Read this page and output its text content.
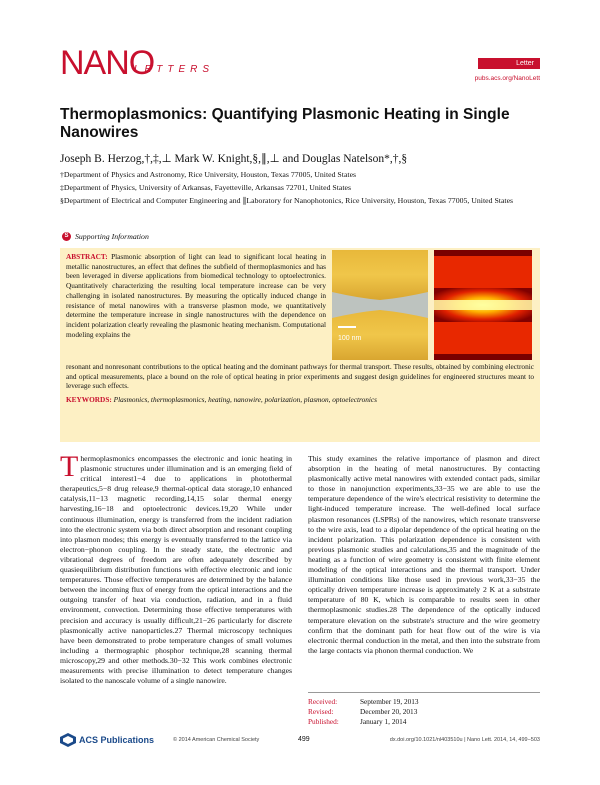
NANO
LETTERS
Letter
pubs.acs.org/NanoLett
Thermoplasmonics: Quantifying Plasmonic Heating in Single Nanowires
Joseph B. Herzog,†,‡,⊥ Mark W. Knight,§,∥,⊥ and Douglas Natelson*,†,§

†Department of Physics and Astronomy, Rice University, Houston, Texas 77005, United States

‡Department of Physics, University of Arkansas, Fayetteville, Arkansas 72701, United States

§Department of Electrical and Computer Engineering and ∥Laboratory for Nanophotonics, Rice University, Houston, Texas 77005, United States

S Supporting Information
ABSTRACT: Plasmonic absorption of light can lead to significant local heating in metallic nanostructures, an effect that defines the subfield of thermoplasmonics and has been leveraged in diverse applications from biomedical technology to optoelectronics. Quantitatively characterizing the resulting local temperature increase can be very challenging in isolated nanostructures. By measuring the optically induced change in resistance of metal nanowires with a transverse plasmon mode, we quantitatively determine the temperature increase in single nanostructures with the dependence on incident polarization clearly revealing the plasmonic heating mechanism. Computational modeling explains the	100 nm
resonant and nonresonant contributions to the optical heating and the dominant pathways for thermal transport. These results, obtained by combining electronic and optical measurements, place a bound on the role of optical heating in prior experiments and suggest design guidelines for engineered structures meant to leverage such effects.
KEYWORDS: Plasmonics, thermoplasmonics, heating, nanowire, polarization, plasmon, optoelectronics
T hermoplasmonics encompasses the electronic and ionic heating in plasmonic structures under illumination and is an emerging field of critical interest1−4 due to applications in photothermal therapeutics,5−8 drug release,9 thermal-optical data storage,10 enhanced catalysis,11−13 magnetic recording,14,15 solar thermal energy harvesting,16−18 and optoelectronic devices.19,20 While under continuous illumination, energy is transferred from the incident radiation into the electronic system via both direct absorption and resonant coupling into plasmon modes; this energy is eventually transferred to the lattice via electron−phonon coupling. In the steady state, the electronic and vibrational degrees of freedom are often adequately described by quasiequilibrium distribution functions with effective electronic and ionic temperatures. Those effective temperatures are determined by the balance between the incoming flux of energy from the optical interactions and the outgoing transfer of heat via conduction, radiation, and in a fluid environment, convection. Determining those effective temperatures with precision and accuracy is usually difficult,21−26 particularly for discrete plasmonically active nanoparticles.27 Thermal microscopy techniques have been demonstrated to probe temperature changes of small volumes including a thermographic phosphor technique,28 scanning thermal microscopy,29 and other methods.30−32 This work combines electronic measurements with precise illumination to detect temperature changes isolated to the nanoscale volume of a single nanowire.
This study examines the relative importance of plasmon and direct absorption in the heating of metal nanostructures. By contacting plasmonically active metal nanowires with extended contact pads, similar to those in nanojunction experiments,33−35 we are able to use the temperature dependence of the wire's electrical resistivity to determine the light-induced temperature increase. The well-defined local surface plasmon resonances (LSPRs) of the nanowires, which resonate transverse to the wire axis, lead to a dipolar dependence of the optical heating on the incident polarization. This polarization dependence is consistent with previous plasmonic studies and calculations,35 and the magnitude of the heating as a function of wire geometry is consistent with finite element modeling of the optical interactions and the thermal transport. Under illumination conditions like those used in previous work,33−35 the optically driven temperature increase is approximately 2 K at a substrate temperature of 80 K, which is comparable to results seen in other thermoplasmonic studies.28 The dependence of the optically induced temperature elevation on the substrate's structure and the wire geometry confirm that the dominant path for heat flow out of the wire is via electronic thermal conduction in the metal, and then into the substrate from the large contacts via phonon thermal conduction. We
Received:	September 19, 2013
Revised:	December 20, 2013
Published:	January 1, 2014
ACS Publications	© 2014 American Chemical Society	499	dx.doi.org/10.1021/nl403510u | Nano Lett. 2014, 14, 499−503
